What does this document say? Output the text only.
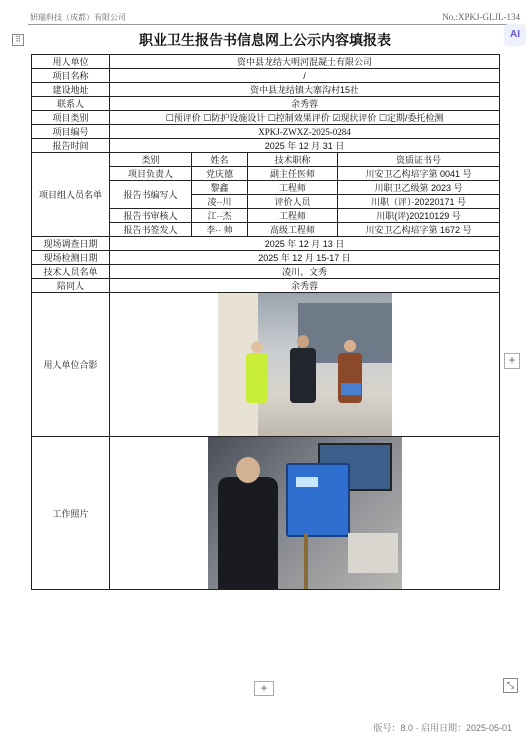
妍瑞科技（成都）有限公司	No.:XPKJ-GLJL-134
⠿	职业卫生报告书信息网上公示内容填报表	AI
用人单位	资中县龙结大明河混凝土有限公司			
项目名称	/			
建设地址	资中县龙结镇大寨沟村15社			
联系人	余秀蓉			
项目类别	☐预评价 ☐防护设施设计 ☐控制效果评价 ☑现状评价 ☐定期/委托检测			
项目编号	XPKJ-ZWXZ-2025-0284			
报告时间	2025 年 12 月 31 日			
项目组人员名单	类别	姓名	技术职称	资质证书号
	项目负责人	党庆德	副主任医师	川安卫乙构培字第 0041 号
	报告书编写人	黎鑫	工程师	川职卫乙级第 2023 号
		凌··川	评价人员	川职（评）·20220171 号
	报告书审核人	江··杰	工程师	川职(评)20210129 号
	报告书签发人	李·· 帅	高级工程师	川安卫乙构培字第 1672 号
现场调查日期	2025 年 12 月 13 日			
现场检测日期	2025 年 12 月 15-17 日			
技术人员名单	凌川、文秀			
陪同人	余秀蓉			
用人单位合影				

工作照片				
+
+	⤡
版号：8.0 · 启用日期：2025-05-01
